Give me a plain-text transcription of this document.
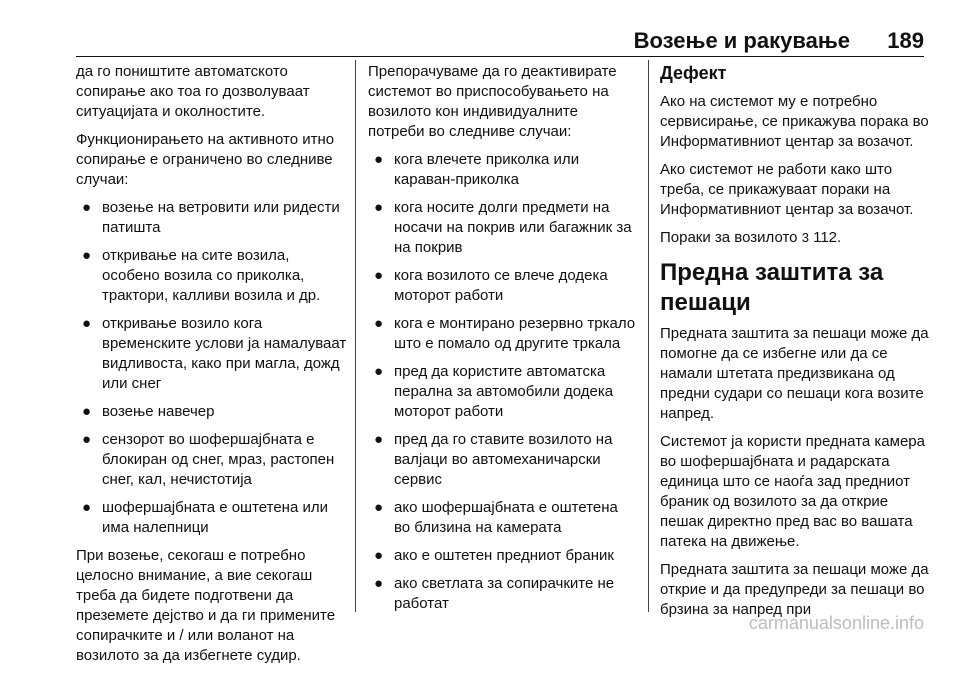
Возење и ракување 189

да го поништите автоматското сопирање ако тоа го дозволуваат ситуацијата и околностите.

Функционирањето на активното итно сопирање е ограничено во следниве случаи:

● возење на ветровити или ридести патишта
● откривање на сите возила, особено возила со приколка, трактори, калливи возила и др.
● откривање возило кога временските услови ја намалуваат видливоста, како при магла, дожд или снег
● возење навечер
● сензорот во шофершајбната е блокиран од снег, мраз, растопен снег, кал, нечистотија
● шофершајбната е оштетена или има налепници

При возење, секогаш е потребно целосно внимание, а вие секогаш треба да бидете подготвени да преземете дејство и да ги примените сопирачките и / или воланот на возилото за да избегнете судир.

Препорачуваме да го деактивирате системот во приспособувањето на возилото кон индивидуалните потреби во следниве случаи:

● кога влечете приколка или караван-приколка
● кога носите долги предмети на носачи на покрив или багажник за на покрив
● кога возилото се влече додека моторот работи
● кога е монтирано резервно тркало што е помало од другите тркала
● пред да користите автоматска перална за автомобили додека моторот работи
● пред да го ставите возилото на валјаци во автомеханичарски сервис
● ако шофершајбната е оштетена во близина на камерата
● ако е оштетен предниот браник
● ако светлата за сопирачките не работат
Дефект

Ако на системот му е потребно сервисирање, се прикажува порака во Информативниот центар за возачот.

Ако системот не работи како што треба, се прикажуваат пораки на Информативниот центар за возачот.

Пораки за возилото 3 112.

Предна заштита за пешаци

Предната заштита за пешаци може да помогне да се избегне или да се намали штетата предизвикана од предни судари со пешаци кога возите напред.

Системот ја користи предната камера во шофершајбната и радарската единица што се наоѓа зад предниот браник од возилото за да открие пешак директно пред вас во вашата патека на движење.

Предната заштита за пешаци може да открие и да предупреди за пешаци во брзина за напред при

carmanualsonline.info
